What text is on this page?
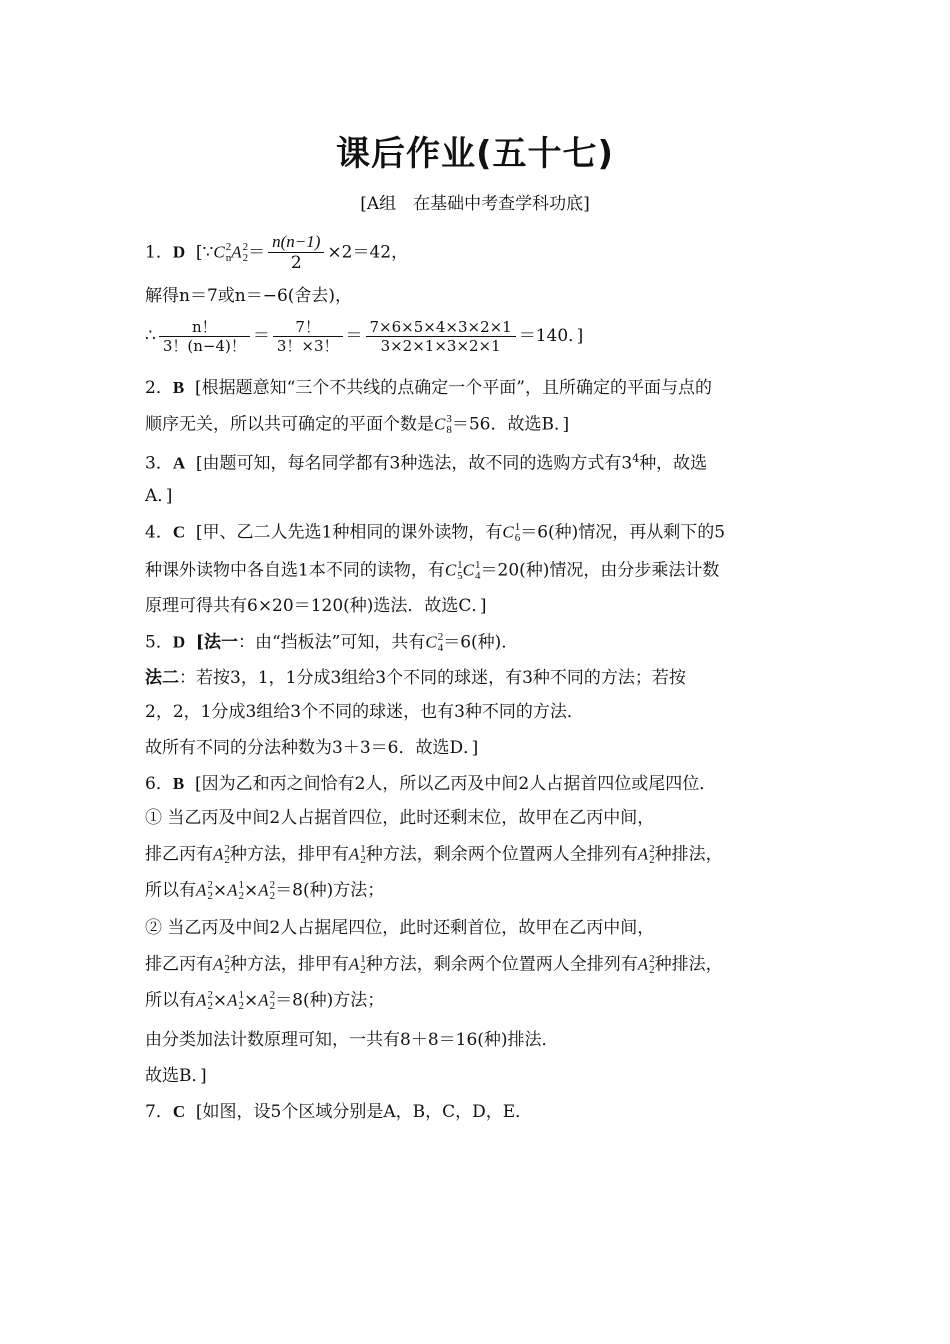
课后作业(五十七)
[A组　在基础中考查学科功底]
1．D [∵C 2
n A 2
$2 = \frac{n(n-1)}{2} \times 2=42$，
解得n＝7或n＝−6(舍去)，
∴ $\frac{n!}{3!(n-4)!} = \frac{7!}{3!\times 3!} = \frac{7\times 6\times 5\times 4\times 3\times 2\times 1}{3\times 2\times 1\times 3\times 2\times 1} =140$．]
2．B [根据题意知“三个不共线的点确定一个平面”，且所确定的平面与点的
顺序无关，所以共可确定的平面个数是C 3
8 ＝56．故选B．]
3．A [由题可知，每名同学都有3种选法，故不同的选购方式有$3^4$种，故选
A．]
4．C [甲、乙二人先选1种相同的课外读物，有C 1
6 ＝6(种)情况，再从剩下的5
种课外读物中各自选1本不同的读物，有C 1
5 C 1
4 ＝20(种)情况，由分步乘法计数
原理可得共有6×20＝120(种)选法．故选C．]
5．D [法一：由“挡板法”可知，共有C 2
4 ＝6(种)．
法二：若按3，1，1分成3组给3个不同的球迷，有3种不同的方法；若按
2，2，1分成3组给3个不同的球迷，也有3种不同的方法．
故所有不同的分法种数为3＋3＝6．故选D．]
6．B [因为乙和丙之间恰有2人，所以乙丙及中间2人占据首四位或尾四位．
① 当乙丙及中间2人占据首四位，此时还剩末位，故甲在乙丙中间，
排乙丙有A 2
2 种方法，排甲有A 1
2 种方法，剩余两个位置两人全排列有A 2
2 种排法，
所以有A 2
2 ×A 1
2 ×A 2
2 ＝8(种)方法；
② 当乙丙及中间2人占据尾四位，此时还剩首位，故甲在乙丙中间，
排乙丙有A 2
2 种方法，排甲有A 1
2 种方法，剩余两个位置两人全排列有A 2
2 种排法，
所以有A 2
2 ×A 1
2 ×A 2
2 ＝8(种)方法；
由分类加法计数原理可知，一共有8＋8＝16(种)排法．
故选B．]
7．C [如图，设5个区域分别是A，B，C，D，E．
